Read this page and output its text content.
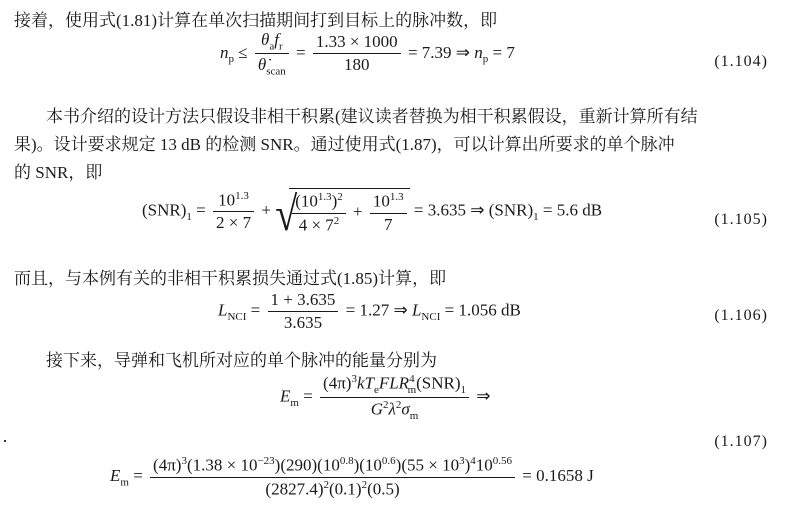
接着，使用式(1.81)计算在单次扫描期间打到目标上的脉冲数，即
$n_p \le \frac{\theta_af_r}{\thetȧ_{scan}} = \frac{1.33 \times 1000}{180} = 7.39$ ⇒ $n_p = 7$	(1.104)
本书介绍的设计方法只假设非相干积累(建议读者替换为相干积累假设，重新计算所有结
果)。设计要求规定 13 dB 的检测 SNR。通过使用式(1.87)，可以计算出所要求的单个脉冲
的 SNR，即
$(SNR)_1 = \frac{10^{1.3}}{2 \times 7}$ + √
$\frac{(10^{1.3})^2}{4 \times 7^2} + \frac{10^{1.3}}{7} = 3.635$ ⇒ $(SNR)_1 = 5.6$ dB	(1.105)
而且，与本例有关的非相干积累损失通过式(1.85)计算，即
$L_{NCI} = \frac{1 + 3.635}{3.635} = 1.27$ ⇒ $L_{NCI} = 1.056$ dB	(1.106)
接下来，导弹和飞机所对应的单个脉冲的能量分别为
$E_m = \frac{(4\pi)^3kT_eFLR^4_m(SNR)_1}{G^2\lambda^2\sigma_m}$ ⇒
(1.107)
$E_m = \frac{(4\pi)^3(1.38 \times 10^{-23})(290)(10^{0.8})(10^{0.6})(55 \times 10^3)^410^{0.56}}{(2827.4)^2(0.1)^2(0.5)} = 0.1658$ J
